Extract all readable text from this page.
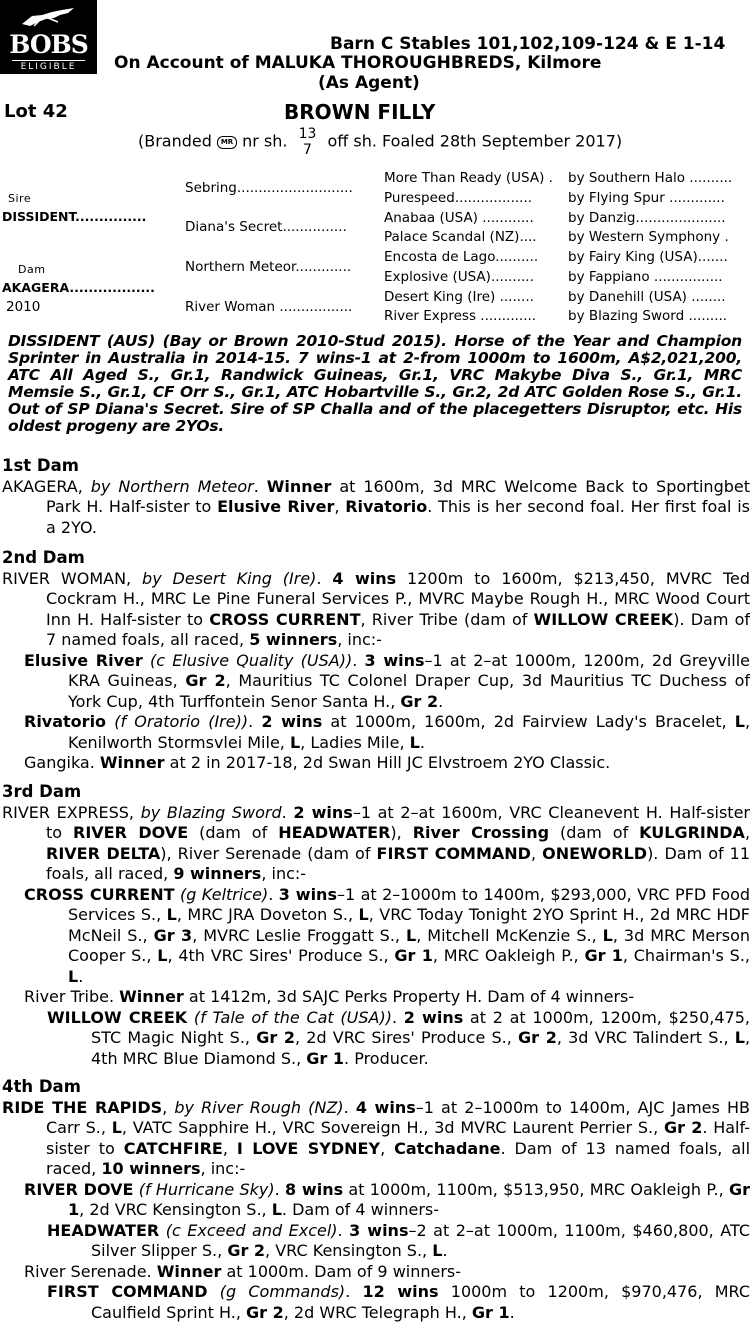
BOBS
ELIGIBLE
Barn C Stables 101,102,109-124 & E 1-14
On Account of MALUKA THOROUGHBREDS, Kilmore
(As Agent)
Lot 42	BROWN FILLY
(Branded MR nr sh. 13
7 off sh. Foaled 28th September 2017)
Sire
DISSIDENT...............
Dam
AKAGERA..................
2010
Sebring...........................
Diana's Secret...............
Northern Meteor.............
River Woman .................
More Than Ready (USA) .
Purespeed..................
Anabaa (USA) ............
Palace Scandal (NZ)....
Encosta de Lago..........
Explosive (USA)..........
Desert King (Ire) ........
River Express .............
by Southern Halo ..........
by Flying Spur .............
by Danzig.....................
by Western Symphony .
by Fairy King (USA).......
by Fappiano ................
by Danehill (USA) ........
by Blazing Sword .........
DISSIDENT (AUS) (Bay or Brown 2010-Stud 2015). Horse of the Year and Champion Sprinter in Australia in 2014-15. 7 wins-1 at 2-from 1000m to 1600m, A$2,021,200, ATC All Aged S., Gr.1, Randwick Guineas, Gr.1, VRC Makybe Diva S., Gr.1, MRC Memsie S., Gr.1, CF Orr S., Gr.1, ATC Hobartville S., Gr.2, 2d ATC Golden Rose S., Gr.1. Out of SP Diana's Secret. Sire of SP Challa and of the placegetters Disruptor, etc. His oldest progeny are 2YOs.
1st Dam

AKAGERA, by Northern Meteor. Winner at 1600m, 3d MRC Welcome Back to Sportingbet Park H. Half-sister to Elusive River, Rivatorio. This is her second foal. Her first foal is a 2YO.

2nd Dam

RIVER WOMAN, by Desert King (Ire). 4 wins 1200m to 1600m, $213,450, MVRC Ted Cockram H., MRC Le Pine Funeral Services P., MVRC Maybe Rough H., MRC Wood Court Inn H. Half-sister to CROSS CURRENT, River Tribe (dam of WILLOW CREEK). Dam of 7 named foals, all raced, 5 winners, inc:-

Elusive River (c Elusive Quality (USA)). 3 wins–1 at 2–at 1000m, 1200m, 2d Greyville KRA Guineas, Gr 2, Mauritius TC Colonel Draper Cup, 3d Mauritius TC Duchess of York Cup, 4th Turffontein Senor Santa H., Gr 2.

Rivatorio (f Oratorio (Ire)). 2 wins at 1000m, 1600m, 2d Fairview Lady's Bracelet, L, Kenilworth Stormsvlei Mile, L, Ladies Mile, L.

Gangika. Winner at 2 in 2017-18, 2d Swan Hill JC Elvstroem 2YO Classic.

3rd Dam

RIVER EXPRESS, by Blazing Sword. 2 wins–1 at 2–at 1600m, VRC Cleanevent H. Half-sister to RIVER DOVE (dam of HEADWATER), River Crossing (dam of KULGRINDA, RIVER DELTA), River Serenade (dam of FIRST COMMAND, ONEWORLD). Dam of 11 foals, all raced, 9 winners, inc:-

CROSS CURRENT (g Keltrice). 3 wins–1 at 2–1000m to 1400m, $293,000, VRC PFD Food Services S., L, MRC JRA Doveton S., L, VRC Today Tonight 2YO Sprint H., 2d MRC HDF McNeil S., Gr 3, MVRC Leslie Froggatt S., L, Mitchell McKenzie S., L, 3d MRC Merson Cooper S., L, 4th VRC Sires' Produce S., Gr 1, MRC Oakleigh P., Gr 1, Chairman's S., L.

River Tribe. Winner at 1412m, 3d SAJC Perks Property H. Dam of 4 winners-

WILLOW CREEK (f Tale of the Cat (USA)). 2 wins at 2 at 1000m, 1200m, $250,475, STC Magic Night S., Gr 2, 2d VRC Sires' Produce S., Gr 2, 3d VRC Talindert S., L, 4th MRC Blue Diamond S., Gr 1. Producer.

4th Dam

RIDE THE RAPIDS, by River Rough (NZ). 4 wins–1 at 2–1000m to 1400m, AJC James HB Carr S., L, VATC Sapphire H., VRC Sovereign H., 3d MVRC Laurent Perrier S., Gr 2. Half-sister to CATCHFIRE, I LOVE SYDNEY, Catchadane. Dam of 13 named foals, all raced, 10 winners, inc:-

RIVER DOVE (f Hurricane Sky). 8 wins at 1000m, 1100m, $513,950, MRC Oakleigh P., Gr 1, 2d VRC Kensington S., L. Dam of 4 winners-

HEADWATER (c Exceed and Excel). 3 wins–2 at 2–at 1000m, 1100m, $460,800, ATC Silver Slipper S., Gr 2, VRC Kensington S., L.

River Serenade. Winner at 1000m. Dam of 9 winners-

FIRST COMMAND (g Commands). 12 wins 1000m to 1200m, $970,476, MRC Caulfield Sprint H., Gr 2, 2d WRC Telegraph H., Gr 1.
